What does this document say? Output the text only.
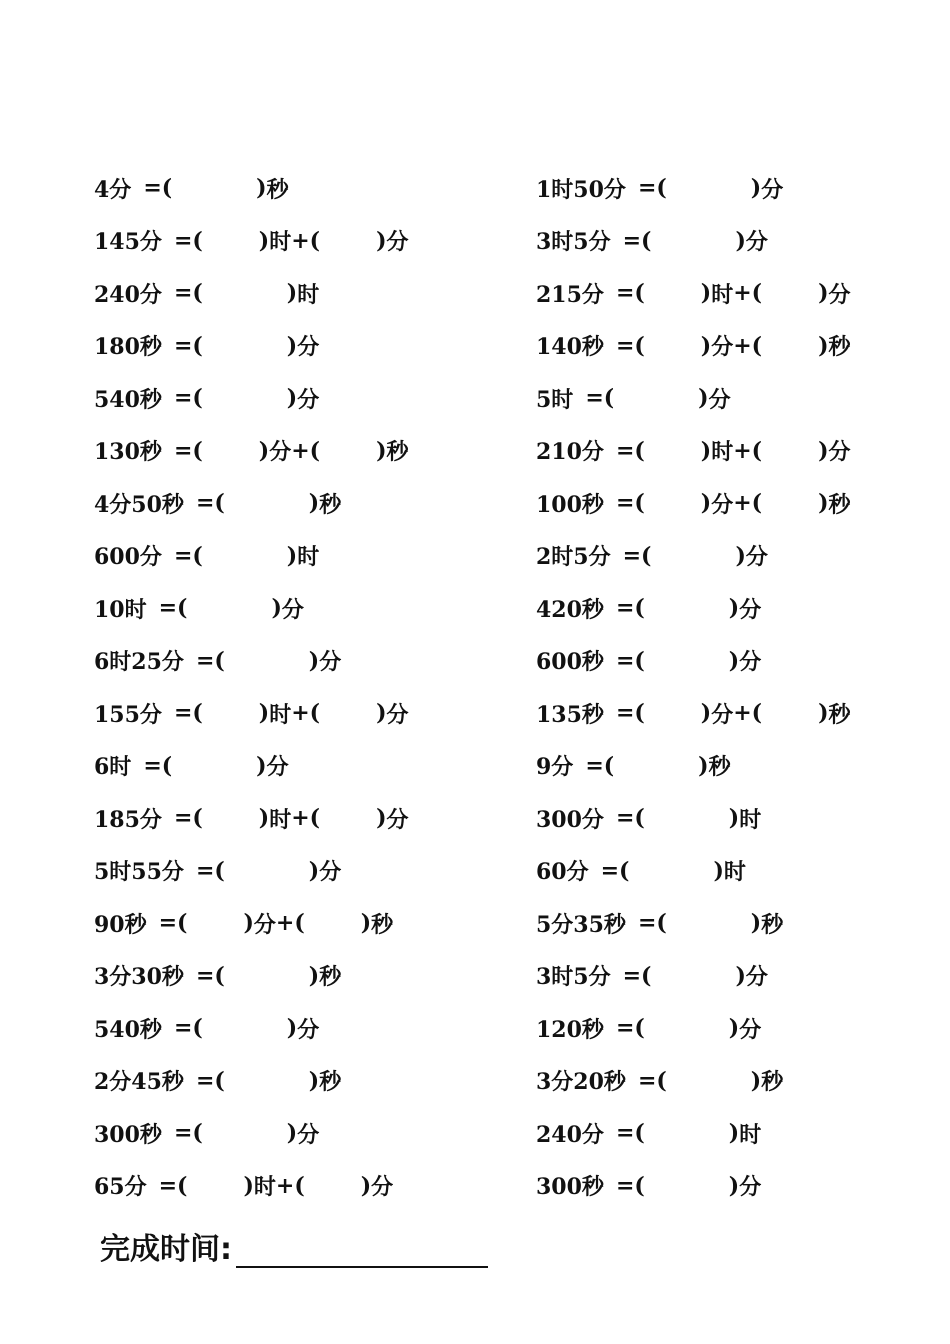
4分 =(	) 秒
145分 =(	) 时 +(	) 分
240分 =(	) 时
180秒 =(	) 分
540秒 =(	) 分
130秒 =(	) 分 +(	) 秒
4分50秒 =(	) 秒
600分 =(	) 时
10时 =(	) 分
6时25分 =(	) 分
155分 =(	) 时 +(	) 分
6时 =(	) 分
185分 =(	) 时 +(	) 分
5时55分 =(	) 分
90秒 =(	) 分 +(	) 秒
3分30秒 =(	) 秒
540秒 =(	) 分
2分45秒 =(	) 秒
300秒 =(	) 分
65分 =(	) 时 +(	) 分
1时50分 =(	) 分
3时5分 =(	) 分
215分 =(	) 时 +(	) 分
140秒 =(	) 分 +(	) 秒
5时 =(	) 分
210分 =(	) 时 +(	) 分
100秒 =(	) 分 +(	) 秒
2时5分 =(	) 分
420秒 =(	) 分
600秒 =(	) 分
135秒 =(	) 分 +(	) 秒
9分 =(	) 秒
300分 =(	) 时
60分 =(	) 时
5分35秒 =(	) 秒
3时5分 =(	) 分
120秒 =(	) 分
3分20秒 =(	) 秒
240分 =(	) 时
300秒 =(	) 分
完成时间:
